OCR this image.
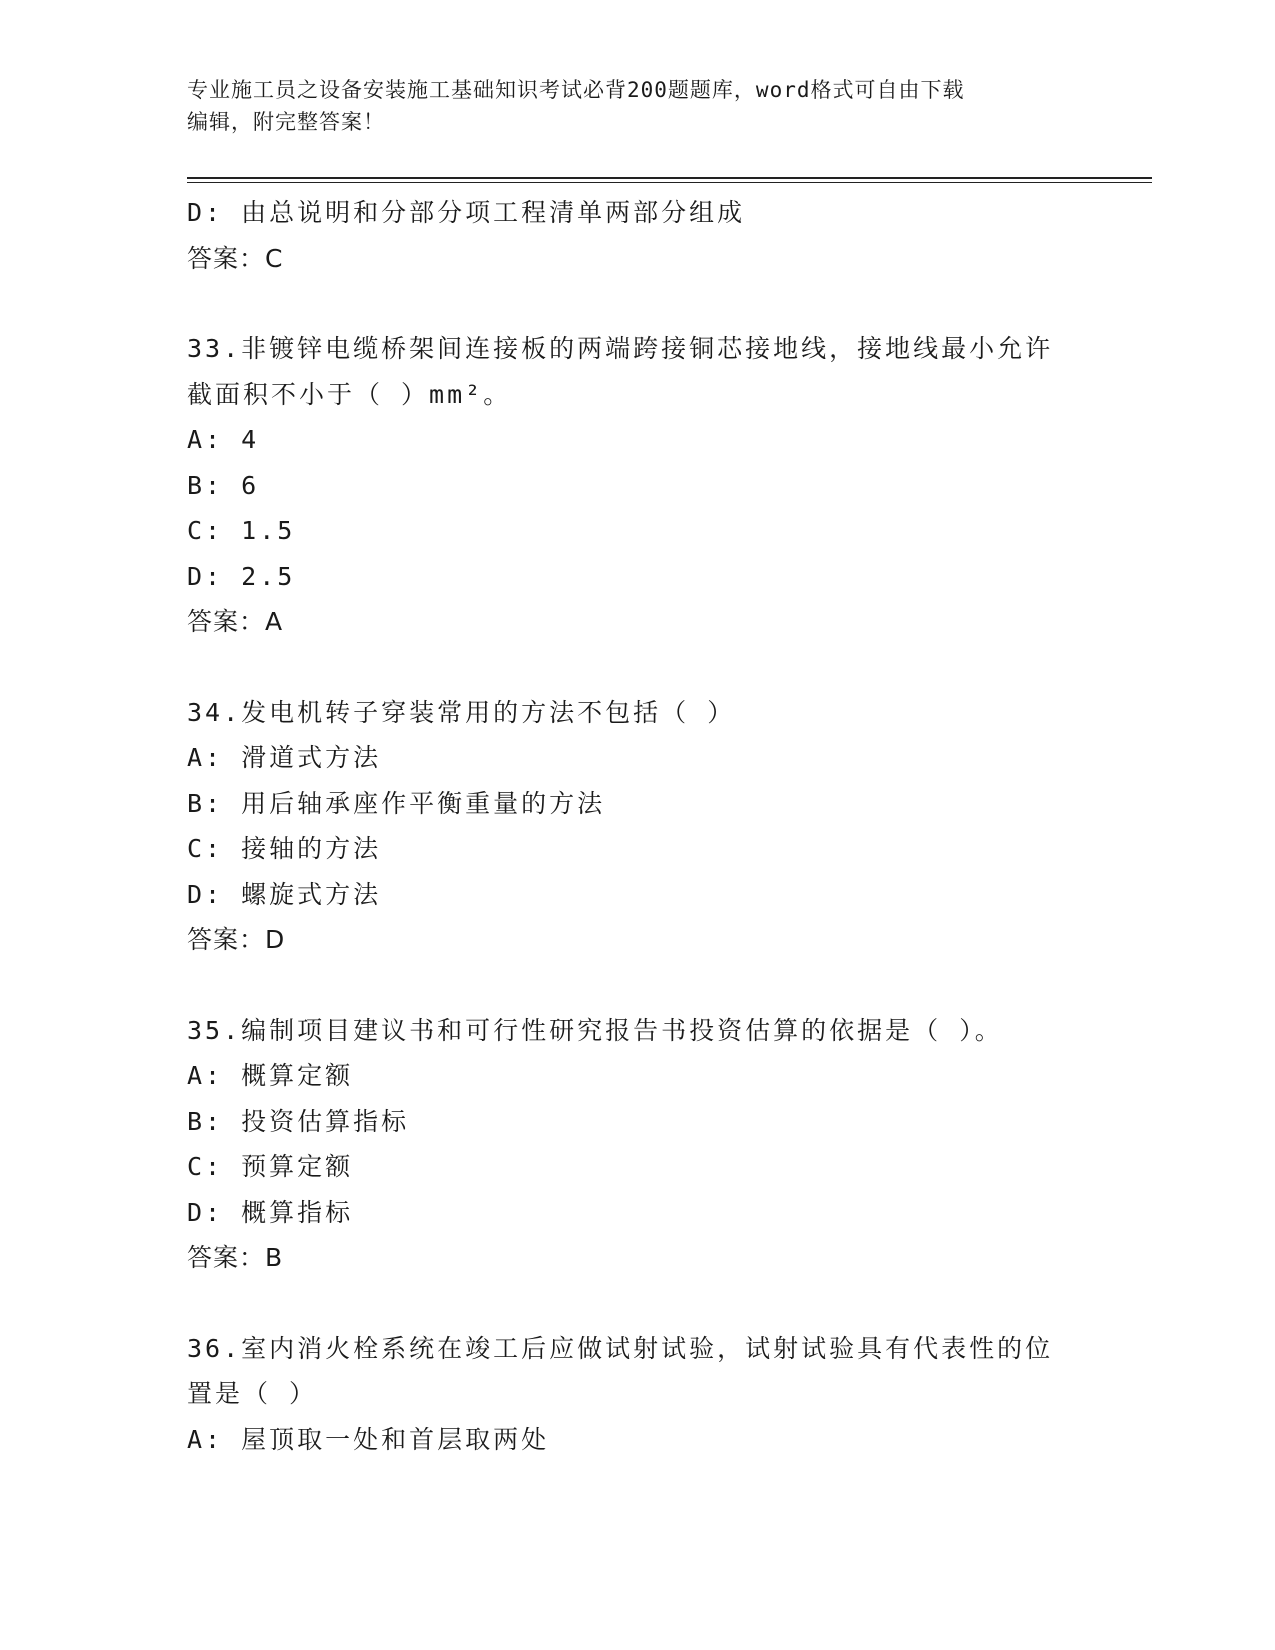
专业施工员之设备安装施工基础知识考试必背200题题库，word格式可自由下载
编辑，附完整答案！
D: 由总说明和分部分项工程清单两部分组成
答案：C
33.非镀锌电缆桥架间连接板的两端跨接铜芯接地线，接地线最小允许
截面积不小于（ ）mm²。
A: 4
B: 6
C: 1.5
D: 2.5
答案：A
34.发电机转子穿装常用的方法不包括（ ）
A: 滑道式方法
B: 用后轴承座作平衡重量的方法
C: 接轴的方法
D: 螺旋式方法
答案：D
35.编制项目建议书和可行性研究报告书投资估算的依据是（ ）。
A: 概算定额
B: 投资估算指标
C: 预算定额
D: 概算指标
答案：B
36.室内消火栓系统在竣工后应做试射试验，试射试验具有代表性的位
置是（ ）
A: 屋顶取一处和首层取两处
